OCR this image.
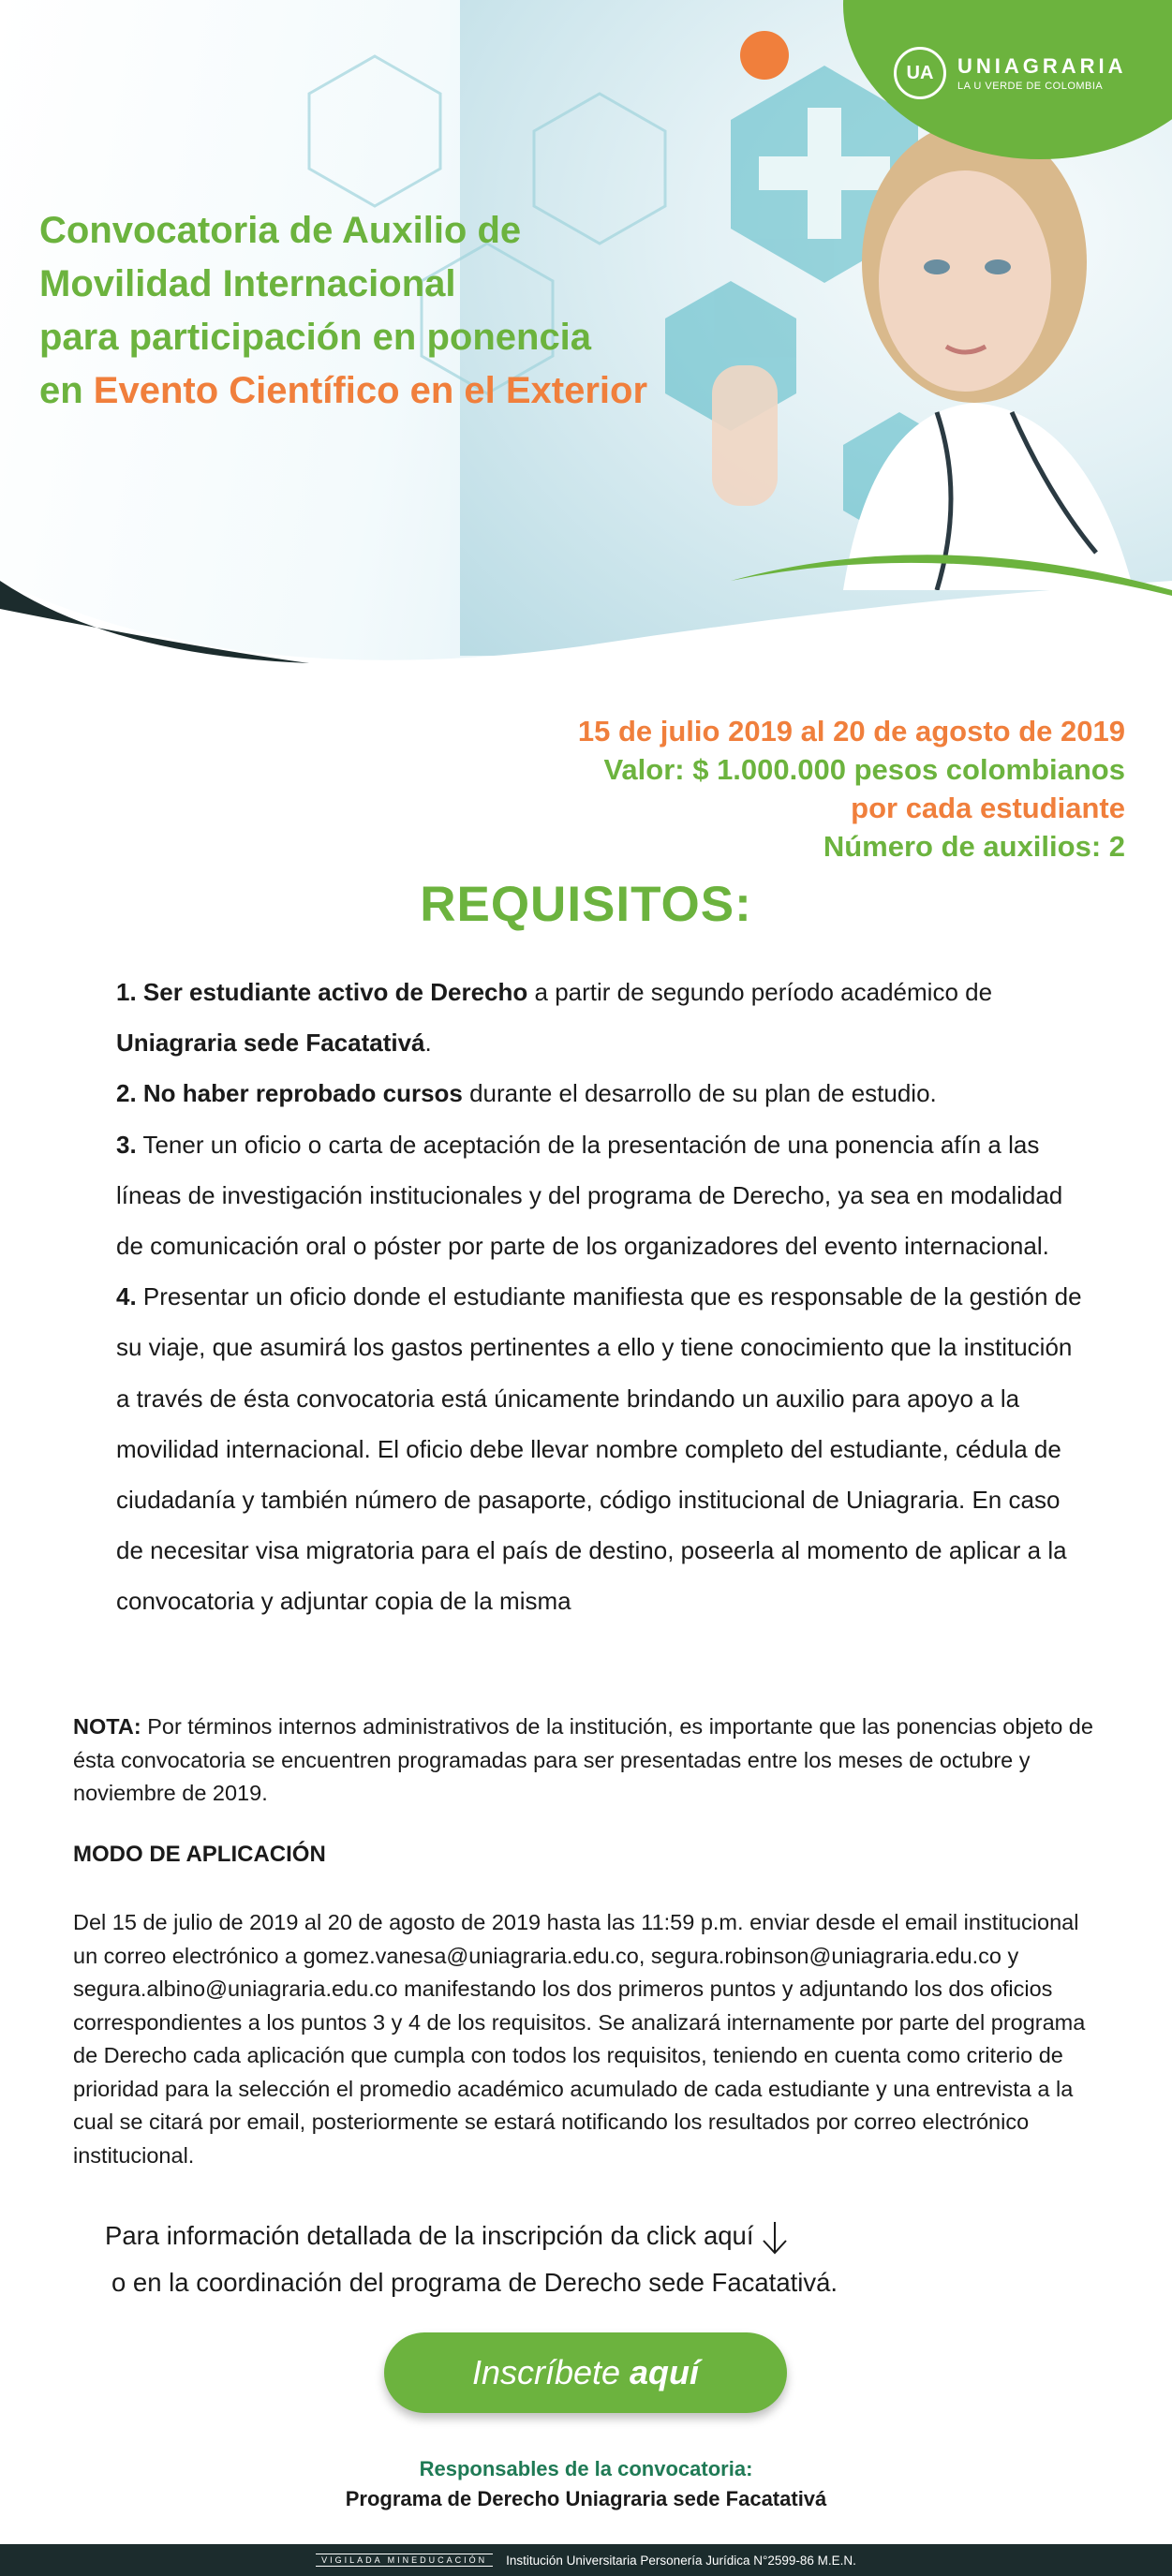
UA	UNIAGRARIA
LA U VERDE DE COLOMBIA
Convocatoria de Auxilio de
Movilidad Internacional
para participación en ponencia
en Evento Científico en el Exterior
15 de julio 2019 al 20 de agosto de 2019
Valor: $ 1.000.000 pesos colombianos
por cada estudiante
Número de auxilios: 2
REQUISITOS:
1. Ser estudiante activo de Derecho a partir de segundo período académico de
Uniagraria sede Facatativá.
2. No haber reprobado cursos durante el desarrollo de su plan de estudio.
3. Tener un oficio o carta de aceptación de la presentación de una ponencia afín a las líneas de investigación institucionales y del programa de Derecho, ya sea en modalidad de comunicación oral o póster por parte de los organizadores del evento internacional.
4. Presentar un oficio donde el estudiante manifiesta que es responsable de la gestión de su viaje, que asumirá los gastos pertinentes a ello y tiene conocimiento que la institución a través de ésta convocatoria está únicamente brindando un auxilio para apoyo a la movilidad internacional. El oficio debe llevar nombre completo del estudiante, cédula de ciudadanía y también número de pasaporte, código institucional de Uniagraria. En caso de necesitar visa migratoria para el país de destino, poseerla al momento de aplicar a la convocatoria y adjuntar copia de la misma
NOTA: Por términos internos administrativos de la institución, es importante que las ponencias objeto de ésta convocatoria se encuentren programadas para ser presentadas entre los meses de octubre y noviembre de 2019.
MODO DE APLICACIÓN
Del 15 de julio de 2019 al 20 de agosto de 2019 hasta las 11:59 p.m. enviar desde el email institucional un correo electrónico a gomez.vanesa@uniagraria.edu.co, segura.robinson@uniagraria.edu.co y segura.albino@uniagraria.edu.co manifestando los dos primeros puntos y adjuntando los dos oficios correspondientes a los puntos 3 y 4 de los requisitos. Se analizará internamente por parte del programa de Derecho cada aplicación que cumpla con todos los requisitos, teniendo en cuenta como criterio de prioridad para la selección el promedio académico acumulado de cada estudiante y una entrevista a la cual se citará por email, posteriormente se estará notificando los resultados por correo electrónico institucional.
Para información detallada de la inscripción da click aquí
o en la coordinación del programa de Derecho sede Facatativá.
Inscríbete aquí
Responsables de la convocatoria:
Programa de Derecho Uniagraria sede Facatativá
VIGILADA MINEDUCACIÓN	Institución Universitaria Personería Jurídica N°2599-86 M.E.N.
